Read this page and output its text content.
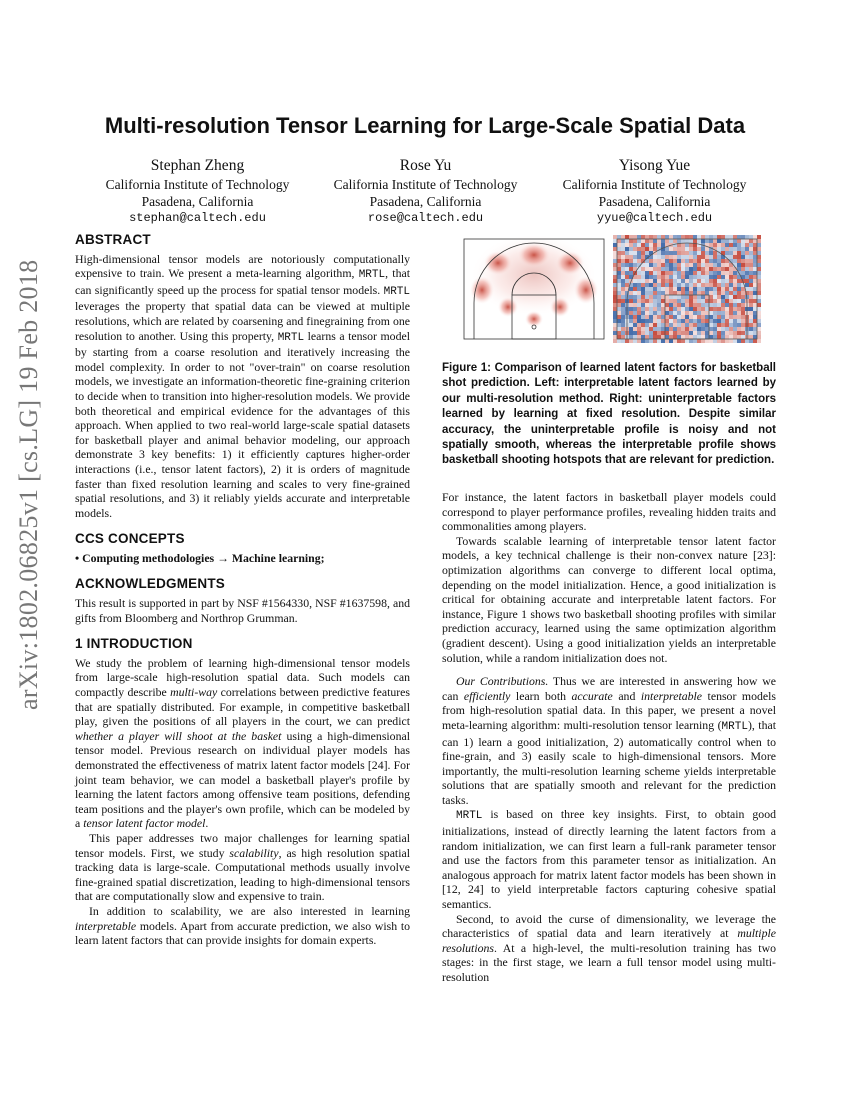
arXiv:1802.06825v1 [cs.LG] 19 Feb 2018
Multi-resolution Tensor Learning for Large-Scale Spatial Data
Stephan Zheng
California Institute of Technology
Pasadena, California
stephan@caltech.edu
Rose Yu
California Institute of Technology
Pasadena, California
rose@caltech.edu
Yisong Yue
California Institute of Technology
Pasadena, California
yyue@caltech.edu
ABSTRACT

High-dimensional tensor models are notoriously computationally expensive to train. We present a meta-learning algorithm, MRTL, that can significantly speed up the process for spatial tensor models. MRTL leverages the property that spatial data can be viewed at multiple resolutions, which are related by coarsening and finegraining from one resolution to another. Using this property, MRTL learns a tensor model by starting from a coarse resolution and iteratively increasing the model complexity. In order to not "over-train" on coarse resolution models, we investigate an information-theoretic fine-graining criterion to decide when to transition into higher-resolution models. We provide both theoretical and empirical evidence for the advantages of this approach. When applied to two real-world large-scale spatial datasets for basketball player and animal behavior modeling, our approach demonstrate 3 key benefits: 1) it efficiently captures higher-order interactions (i.e., tensor latent factors), 2) it is orders of magnitude faster than fixed resolution learning and scales to very fine-grained spatial resolutions, and 3) it reliably yields accurate and interpretable models.

CCS CONCEPTS

• Computing methodologies → Machine learning;

ACKNOWLEDGMENTS

This result is supported in part by NSF #1564330, NSF #1637598, and gifts from Bloomberg and Northrop Grumman.

1 INTRODUCTION

We study the problem of learning high-dimensional tensor models from large-scale high-resolution spatial data. Such models can compactly describe multi-way correlations between predictive features that are spatially distributed. For example, in competitive basketball play, given the positions of all players in the court, we can predict whether a player will shoot at the basket using a high-dimensional tensor model. Previous research on individual player models has demonstrated the effectiveness of matrix latent factor models [24]. For joint team behavior, we can model a basketball player's profile by learning the latent factors among offensive team positions, defending team positions and the player's own profile, which can be modeled by a tensor latent factor model.

This paper addresses two major challenges for learning spatial tensor models. First, we study scalability, as high resolution spatial tracking data is large-scale. Computational methods usually involve fine-grained spatial discretization, leading to high-dimensional tensors that are computationally slow and expensive to train.

In addition to scalability, we are also interested in learning interpretable models. Apart from accurate prediction, we also wish to learn latent factors that can provide insights for domain experts.

Figure 1: Comparison of learned latent factors for basketball shot prediction. Left: interpretable latent factors learned by our multi-resolution method. Right: uninterpretable factors learned by learning at fixed resolution. Despite similar accuracy, the uninterpretable profile is noisy and not spatially smooth, whereas the interpretable profile shows basketball shooting hotspots that are relevant for prediction.

For instance, the latent factors in basketball player models could correspond to player performance profiles, revealing hidden traits and commonalities among players.

Towards scalable learning of interpretable tensor latent factor models, a key technical challenge is their non-convex nature [23]: optimization algorithms can converge to different local optima, depending on the model initialization. Hence, a good initialization is critical for obtaining accurate and interpretable latent factors. For instance, Figure 1 shows two basketball shooting profiles with similar prediction accuracy, learned using the same optimization algorithm (gradient descent). Using a good initialization yields an interpretable solution, while a random initialization does not.

Our Contributions. Thus we are interested in answering how we can efficiently learn both accurate and interpretable tensor models from high-resolution spatial data. In this paper, we present a novel meta-learning algorithm: multi-resolution tensor learning (MRTL), that can 1) learn a good initialization, 2) automatically control when to fine-grain, and 3) easily scale to high-dimensional tensors. More importantly, the multi-resolution learning scheme yields interpretable solutions that are spatially smooth and relevant for the prediction tasks.

MRTL is based on three key insights. First, to obtain good initializations, instead of directly learning the latent factors from a random initialization, we can first learn a full-rank parameter tensor and use the factors from this parameter tensor as initialization. An analogous approach for matrix latent factor models has been shown in [12, 24] to yield interpretable factors capturing cohesive spatial semantics.

Second, to avoid the curse of dimensionality, we leverage the characteristics of spatial data and learn iteratively at multiple resolutions. At a high-level, the multi-resolution training has two stages: in the first stage, we learn a full tensor model using multi-resolution
